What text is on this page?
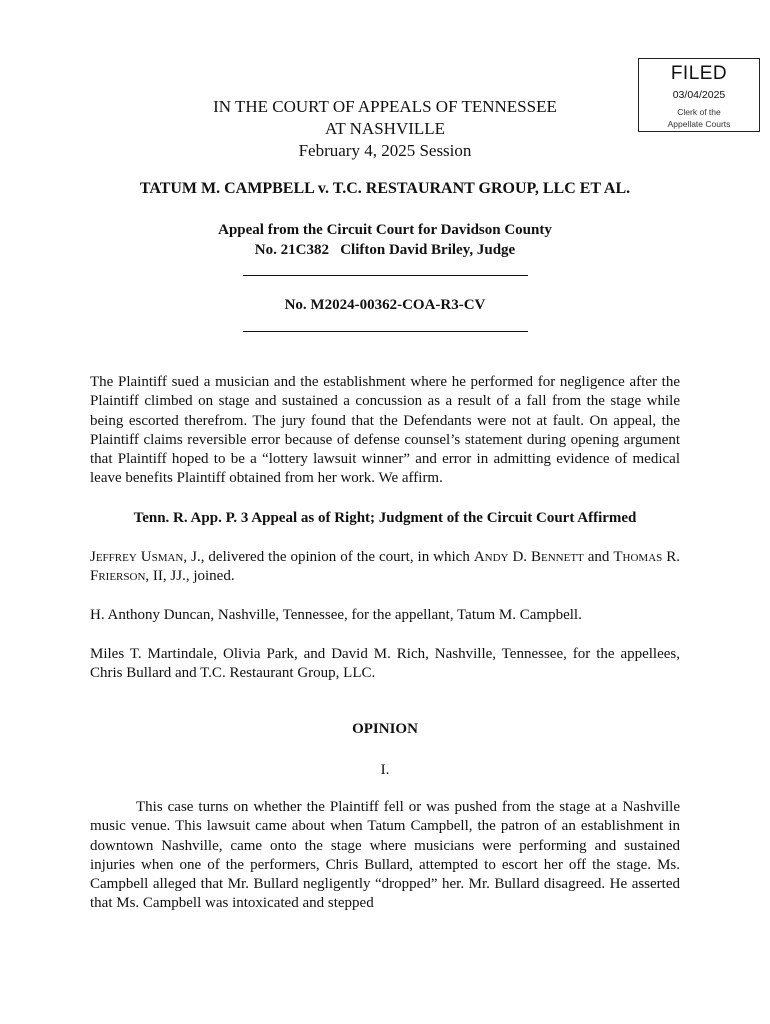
FILED
03/04/2025
Clerk of the
Appellate Courts
IN THE COURT OF APPEALS OF TENNESSEE
AT NASHVILLE
February 4, 2025 Session
TATUM M. CAMPBELL v. T.C. RESTAURANT GROUP, LLC ET AL.
Appeal from the Circuit Court for Davidson County
No. 21C382   Clifton David Briley, Judge
No. M2024-00362-COA-R3-CV

The Plaintiff sued a musician and the establishment where he performed for negligence after the Plaintiff climbed on stage and sustained a concussion as a result of a fall from the stage while being escorted therefrom. The jury found that the Defendants were not at fault. On appeal, the Plaintiff claims reversible error because of defense counsel’s statement during opening argument that Plaintiff hoped to be a “lottery lawsuit winner” and error in admitting evidence of medical leave benefits Plaintiff obtained from her work. We affirm.

Tenn. R. App. P. 3 Appeal as of Right; Judgment of the Circuit Court Affirmed

Jeffrey Usman, J., delivered the opinion of the court, in which Andy D. Bennett and Thomas R. Frierson, II, JJ., joined.

H. Anthony Duncan, Nashville, Tennessee, for the appellant, Tatum M. Campbell.

Miles T. Martindale, Olivia Park, and David M. Rich, Nashville, Tennessee, for the appellees, Chris Bullard and T.C. Restaurant Group, LLC.

OPINION
I.

This case turns on whether the Plaintiff fell or was pushed from the stage at a Nashville music venue. This lawsuit came about when Tatum Campbell, the patron of an establishment in downtown Nashville, came onto the stage where musicians were performing and sustained injuries when one of the performers, Chris Bullard, attempted to escort her off the stage. Ms. Campbell alleged that Mr. Bullard negligently “dropped” her. Mr. Bullard disagreed. He asserted that Ms. Campbell was intoxicated and stepped
